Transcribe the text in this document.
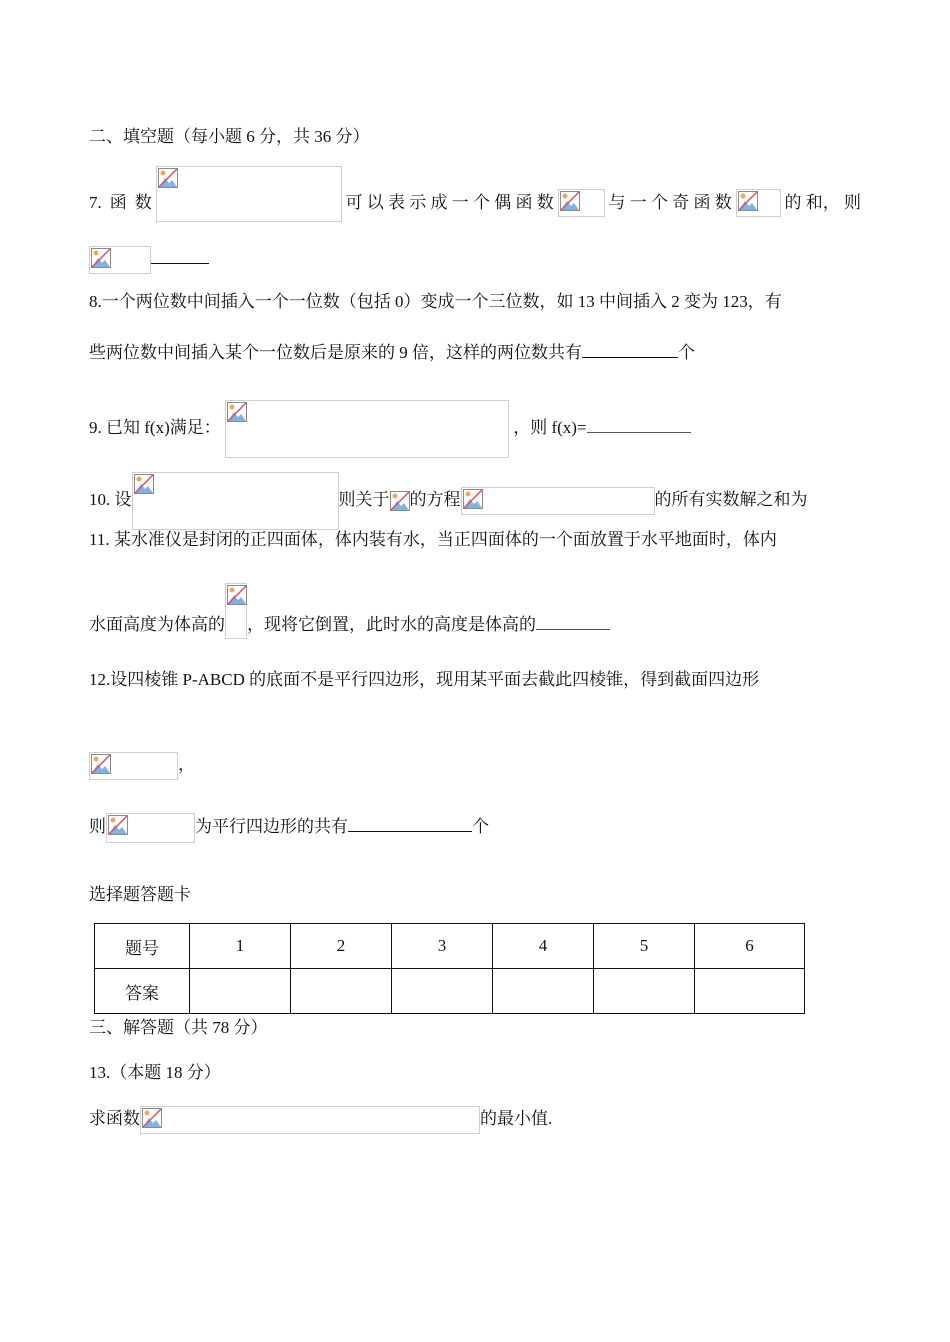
二、填空题（每小题 6 分，共 36 分）
7. 函 数	可 以 表 示 成 一 个 偶 函 数	与 一 个 奇 函 数	的 和， 则
8.一个两位数中间插入一个一位数（包括 0）变成一个三位数，如 13 中间插入 2 变为 123，有
些两位数中间插入某个一位数后是原来的 9 倍，这样的两位数共有	个
9. 已知 f(x)满足：	，则 f(x)=
10. 设	则关于 的方程	的所有实数解之和为
11. 某水准仪是封闭的正四面体，体内装有水，当正四面体的一个面放置于水平地面时，体内
水面高度为体高的 ，现将它倒置，此时水的高度是体高的
12.设四棱锥 P-ABCD 的底面不是平行四边形，现用某平面去截此四棱锥，得到截面四边形
，
则	为平行四边形的共有	个
选择题答题卡
题号	1	2	3	4	5	6
答案						
三、解答题（共 78 分）
13.（本题 18 分）
求函数	的最小值.
